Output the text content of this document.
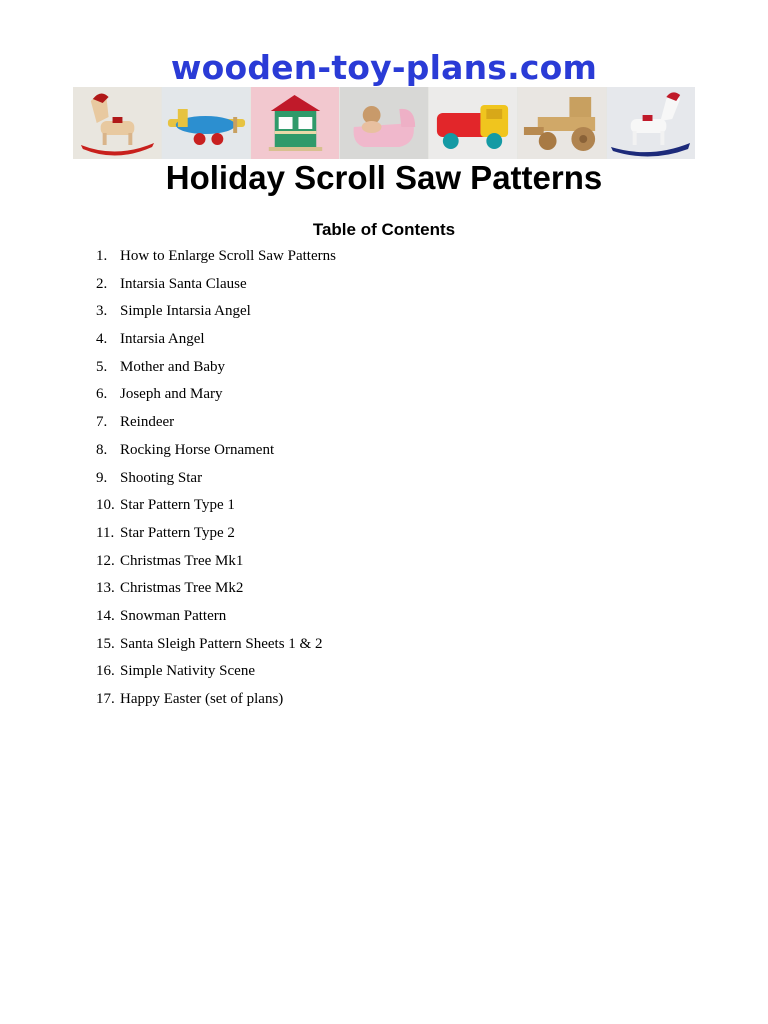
wooden-toy-plans.com
Holiday Scroll Saw Patterns
Table of Contents
1. How to Enlarge Scroll Saw Patterns
2. Intarsia Santa Clause
3. Simple Intarsia Angel
4. Intarsia Angel
5. Mother and Baby
6. Joseph and Mary
7. Reindeer
8. Rocking Horse Ornament
9. Shooting Star
10. Star Pattern Type 1
11. Star Pattern Type 2
12. Christmas Tree Mk1
13. Christmas Tree Mk2
14. Snowman Pattern
15. Santa Sleigh Pattern Sheets 1 & 2
16. Simple Nativity Scene
17. Happy Easter (set of plans)
